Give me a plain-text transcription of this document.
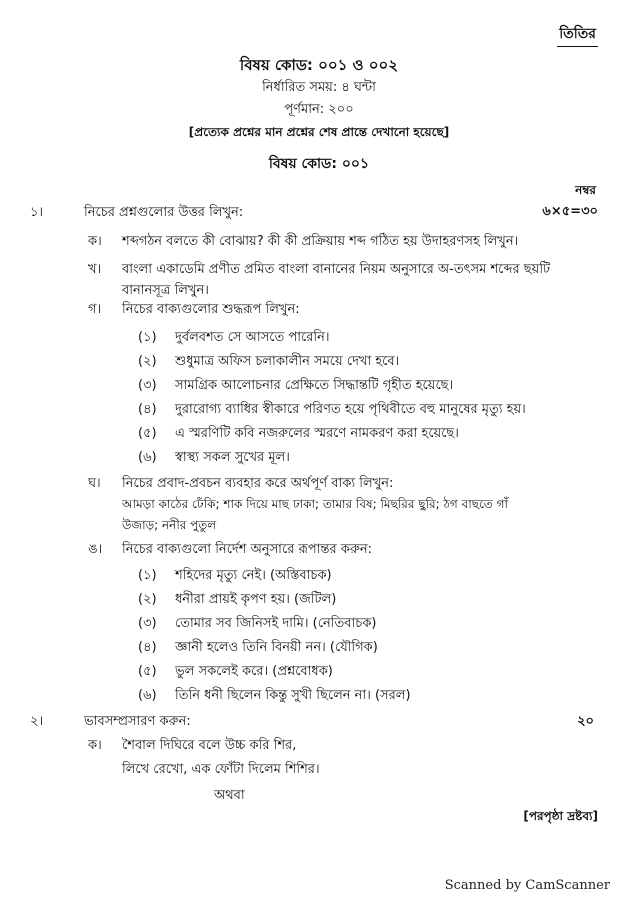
তিতির
বিষয় কোড: ০০১ ও ০০২
নির্ধারিত সময়: ৪ ঘন্টা
পূর্ণমান: ২০০
[প্রত্যেক প্রশ্নের মান প্রশ্নের শেষ প্রান্তে দেখানো হয়েছে]
বিষয় কোড: ০০১
নম্বর
১।	নিচের প্রশ্নগুলোর উত্তর লিখুন:	৬×৫=৩০
ক। শব্দগঠন বলতে কী বোঝায়? কী কী প্রক্রিয়ায় শব্দ গঠিত হয় উদাহরণসহ লিখুন।
খ। বাংলা একাডেমি প্রণীত প্রমিত বাংলা বানানের নিয়ম অনুসারে অ-তৎসম শব্দের ছয়টি
বানানসূত্র লিখুন।
গ। নিচের বাক্যগুলোর শুদ্ধরূপ লিখুন:
(১) দুর্বলবশত সে আসতে পারেনি।
(২) শুধুমাত্র অফিস চলাকালীন সময়ে দেখা হবে।
(৩) সামগ্রিক আলোচনার প্রেক্ষিতে সিদ্ধান্তটি গৃহীত হয়েছে।
(৪) দুরারোগ্য ব্যাধির স্বীকারে পরিণত হয়ে পৃথিবীতে বহু মানুষের মৃত্যু হয়।
(৫) এ স্মরণিটি কবি নজরুলের স্মরণে নামকরণ করা হয়েছে।
(৬) স্বাস্থ্য সকল সুখের মূল।
ঘ। নিচের প্রবাদ-প্রবচন ব্যবহার করে অর্থপূর্ণ বাক্য লিখুন:
আমড়া কাঠের ঢেঁকি; শাক দিয়ে মাছ ঢাকা; তামার বিষ; মিছরির ছুরি; ঠগ বাছতে গাঁ
উজাড়; ননীর পুতুল
ঙ। নিচের বাক্যগুলো নির্দেশ অনুসারে রূপান্তর করুন:
(১) শহিদের মৃত্যু নেই। (অস্তিবাচক)
(২) ধনীরা প্রায়ই কৃপণ হয়। (জটিল)
(৩) তোমার সব জিনিসই দামি। (নেতিবাচক)
(৪) জ্ঞানী হলেও তিনি বিনয়ী নন। (যৌগিক)
(৫) ভুল সকলেই করে। (প্রশ্নবোধক)
(৬) তিনি ধনী ছিলেন কিন্তু সুখী ছিলেন না। (সরল)
২।	ভাবসম্প্রসারণ করুন:	২০
ক। শৈবাল দিঘিরে বলে উচ্চ করি শির,
লিখে রেখো, এক ফোঁটা দিলেম শিশির।
অথবা
[পরপৃষ্ঠা দ্রষ্টব্য]
Scanned by CamScanner
